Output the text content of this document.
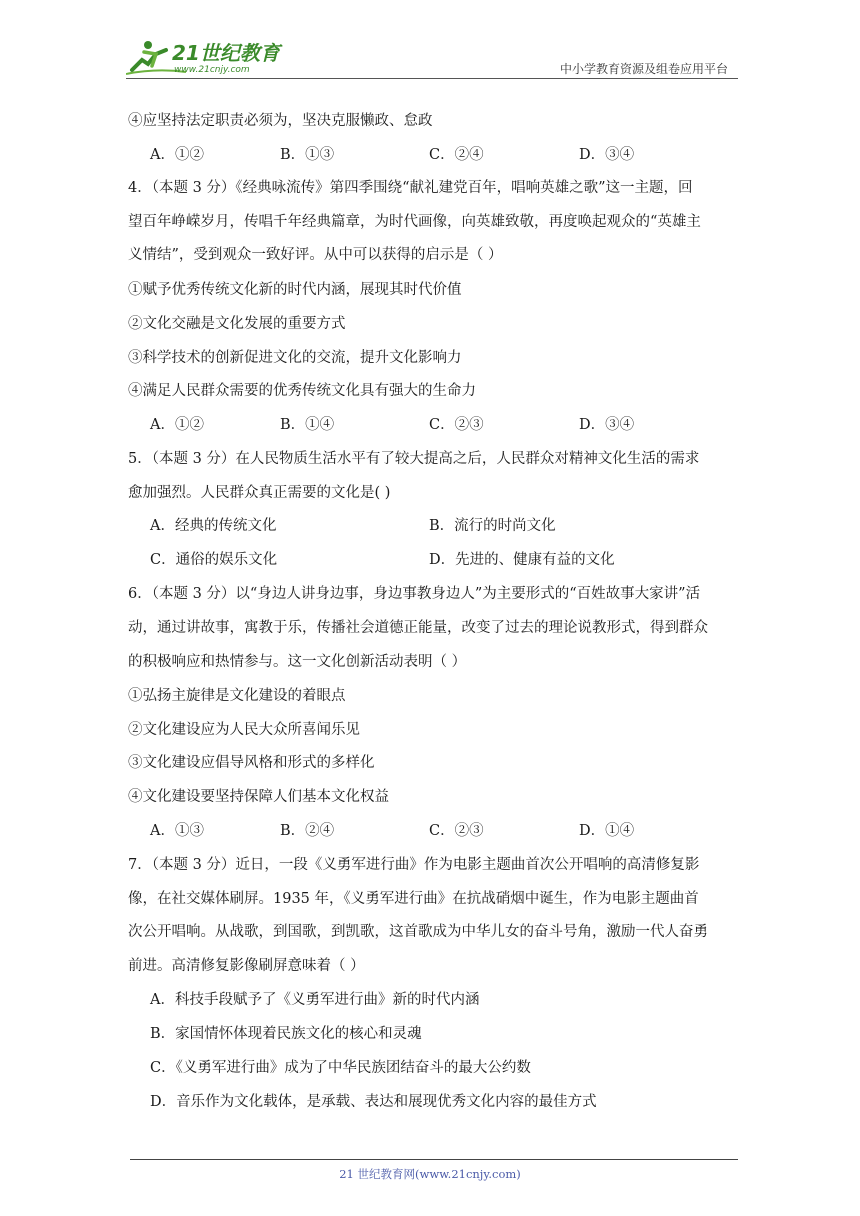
21世纪教育
www.21cnjy.com	中小学教育资源及组卷应用平台
④应坚持法定职责必须为，坚决克服懒政、怠政
A．①②	B．①③	C．②④	D．③④
4．（本题 3 分）《经典咏流传》第四季围绕“献礼建党百年，唱响英雄之歌”这一主题，回
望百年峥嵘岁月，传唱千年经典篇章，为时代画像，向英雄致敬，再度唤起观众的“英雄主
义情结”，受到观众一致好评。从中可以获得的启示是（ ）
①赋予优秀传统文化新的时代内涵，展现其时代价值
②文化交融是文化发展的重要方式
③科学技术的创新促进文化的交流，提升文化影响力
④满足人民群众需要的优秀传统文化具有强大的生命力
A．①②	B．①④	C．②③	D．③④
5．（本题 3 分）在人民物质生活水平有了较大提高之后，人民群众对精神文化生活的需求
愈加强烈。人民群众真正需要的文化是( )
A．经典的传统文化	B．流行的时尚文化
C．通俗的娱乐文化	D．先进的、健康有益的文化
6．（本题 3 分）以“身边人讲身边事，身边事教身边人”为主要形式的“百姓故事大家讲”活
动，通过讲故事，寓教于乐，传播社会道德正能量，改变了过去的理论说教形式，得到群众
的积极响应和热情参与。这一文化创新活动表明（ ）
①弘扬主旋律是文化建设的着眼点
②文化建设应为人民大众所喜闻乐见
③文化建设应倡导风格和形式的多样化
④文化建设要坚持保障人们基本文化权益
A．①③	B．②④	C．②③	D．①④
7．（本题 3 分）近日，一段《义勇军进行曲》作为电影主题曲首次公开唱响的高清修复影
像，在社交媒体刷屏。1935 年，《义勇军进行曲》在抗战硝烟中诞生，作为电影主题曲首
次公开唱响。从战歌，到国歌，到凯歌，这首歌成为中华儿女的奋斗号角，激励一代人奋勇
前进。高清修复影像刷屏意味着（ ）
A．科技手段赋予了《义勇军进行曲》新的时代内涵
B．家国情怀体现着民族文化的核心和灵魂
C．《义勇军进行曲》成为了中华民族团结奋斗的最大公约数
D．音乐作为文化载体，是承载、表达和展现优秀文化内容的最佳方式
21 世纪教育网(www.21cnjy.com)
